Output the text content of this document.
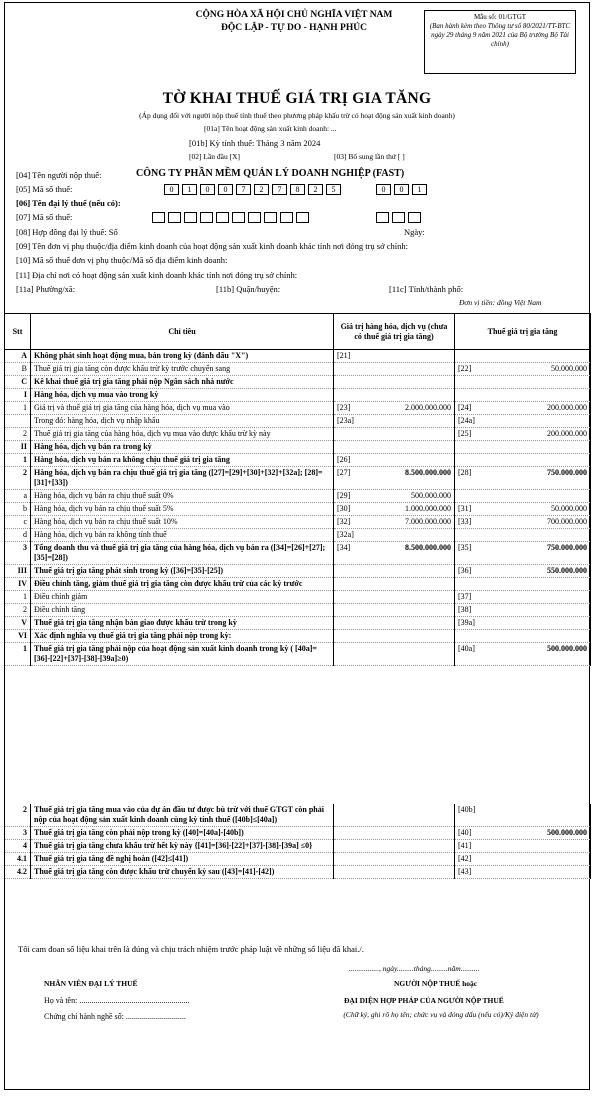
CỘNG HÒA XÃ HỘI CHỦ NGHĨA VIỆT NAM
ĐỘC LẬP - TỰ DO - HẠNH PHÚC
Mẫu số: 01/GTGT
(Ban hành kèm theo Thông tư số 80/2021/TT-BTC ngày 29 tháng 9 năm 2021 của Bộ trưởng Bộ Tài chính)
TỜ KHAI THUẾ GIÁ TRỊ GIA TĂNG
(Áp dụng đối với người nộp thuế tính thuế theo phương pháp khấu trừ có hoạt động sản xuất kinh doanh)
[01a] Tên hoạt động sản xuất kinh doanh: ...
[01b] Kỳ tính thuế: Tháng 3 năm 2024
[02] Lần đầu [X]	[03] Bổ sung lần thứ [ ]
[04] Tên người nộp thuế:	CÔNG TY PHẦN MỀM QUẢN LÝ DOANH NGHIỆP (FAST)
[05] Mã số thuế:	0	1	0	0	7	2	7	8	2	5	0	0	1
[06] Tên đại lý thuế (nếu có):
[07] Mã số thuế:
[08] Hợp đồng đại lý thuế: Số	Ngày:
[09] Tên đơn vị phụ thuộc/địa điểm kinh doanh của hoạt động sản xuất kinh doanh khác tỉnh nơi đóng trụ sở chính:
[10] Mã số thuế đơn vị phụ thuộc/Mã số địa điểm kinh doanh:
[11] Địa chỉ nơi có hoạt động sản xuất kinh doanh khác tỉnh nơi đóng trụ sở chính:
[11a] Phường/xã:	[11b] Quận/huyện:	[11c] Tỉnh/thành phố:
Đơn vị tiền: đồng Việt Nam
Stt	Chỉ tiêu	Giá trị hàng hóa, dịch vụ (chưa có thuế giá trị gia tăng)	Thuế giá trị gia tăng
A	Không phát sinh hoạt động mua, bán trong kỳ (đánh dấu "X")	[21]

B	Thuế giá trị gia tăng còn được khấu trừ kỳ trước chuyển sang		[22] 50.000.000

C	Kê khai thuế giá trị gia tăng phải nộp Ngân sách nhà nước	

I	Hàng hóa, dịch vụ mua vào trong kỳ	

1	Giá trị và thuế giá trị gia tăng của hàng hóa, dịch vụ mua vào	[23] 2.000.000.000	[24] 200.000.000

	Trong đó: hàng hóa, dịch vụ nhập khẩu	[23a]	[24a]

2	Thuế giá trị gia tăng của hàng hóa, dịch vụ mua vào được khấu trừ kỳ này		[25] 200.000.000

II	Hàng hóa, dịch vụ bán ra trong kỳ	

1	Hàng hóa, dịch vụ bán ra không chịu thuế giá trị gia tăng	[26]

2	Hàng hóa, dịch vụ bán ra chịu thuế giá trị gia tăng ([27]=[29]+[30]+[32]+[32a]; [28]=[31]+[33])	[27] 8.500.000.000	[28] 750.000.000

a	Hàng hóa, dịch vụ bán ra chịu thuế suất 0%	[29] 500.000.000	

b	Hàng hóa, dịch vụ bán ra chịu thuế suất 5%	[30] 1.000.000.000	[31] 50.000.000

c	Hàng hóa, dịch vụ bán ra chịu thuế suất 10%	[32] 7.000.000.000	[33] 700.000.000

d	Hàng hóa, dịch vụ bán ra không tính thuế	[32a]

3	Tổng doanh thu và thuế giá trị gia tăng của hàng hóa, dịch vụ bán ra ([34]=[26]+[27]; [35]=[28])	[34] 8.500.000.000	[35] 750.000.000

III	Thuế giá trị gia tăng phát sinh trong kỳ ([36]=[35]-[25])		[36] 550.000.000

IV	Điều chỉnh tăng, giảm thuế giá trị gia tăng còn được khấu trừ của các kỳ trước	

1	Điều chỉnh giảm		[37]

2	Điều chỉnh tăng		[38]

V	Thuế giá trị gia tăng nhận bàn giao được khấu trừ trong kỳ		[39a]

VI	Xác định nghĩa vụ thuế giá trị gia tăng phải nộp trong kỳ:	

1	Thuế giá trị gia tăng phải nộp của hoạt động sản xuất kinh doanh trong kỳ ( [40a]=[36]-[22]+[37]-[38]-[39a]≥0)		[40a] 500.000.000
2	Thuế giá trị gia tăng mua vào của dự án đầu tư được bù trừ với thuế GTGT còn phải nộp của hoạt động sản xuất kinh doanh cùng kỳ tính thuế ([40b]≤[40a])		[40b]

3	Thuế giá trị gia tăng còn phải nộp trong kỳ ([40]=[40a]-[40b])		[40] 500.000.000

4	Thuế giá trị gia tăng chưa khấu trừ hết kỳ này {[41]=[36]-[22]+[37]-[38]-[39a] ≤0}		[41]

4.1	Thuế giá trị gia tăng đề nghị hoàn ([42]≤[41])		[42]

4.2	Thuế giá trị gia tăng còn được khấu trừ chuyển kỳ sau ([43]=[41]-[42])		[43]
Tôi cam đoan số liệu khai trên là đúng và chịu trách nhiệm trước pháp luật về những số liệu đã khai./.
................, ngày.........tháng.........năm..........
NHÂN VIÊN ĐẠI LÝ THUẾ	NGƯỜI NỘP THUẾ hoặc
Họ và tên: .......................................................	ĐẠI DIỆN HỢP PHÁP CỦA NGƯỜI NỘP THUẾ
Chứng chỉ hành nghề số: ..............................	(Chữ ký, ghi rõ họ tên; chức vụ và đóng dấu (nếu có)/Ký điện tử)
